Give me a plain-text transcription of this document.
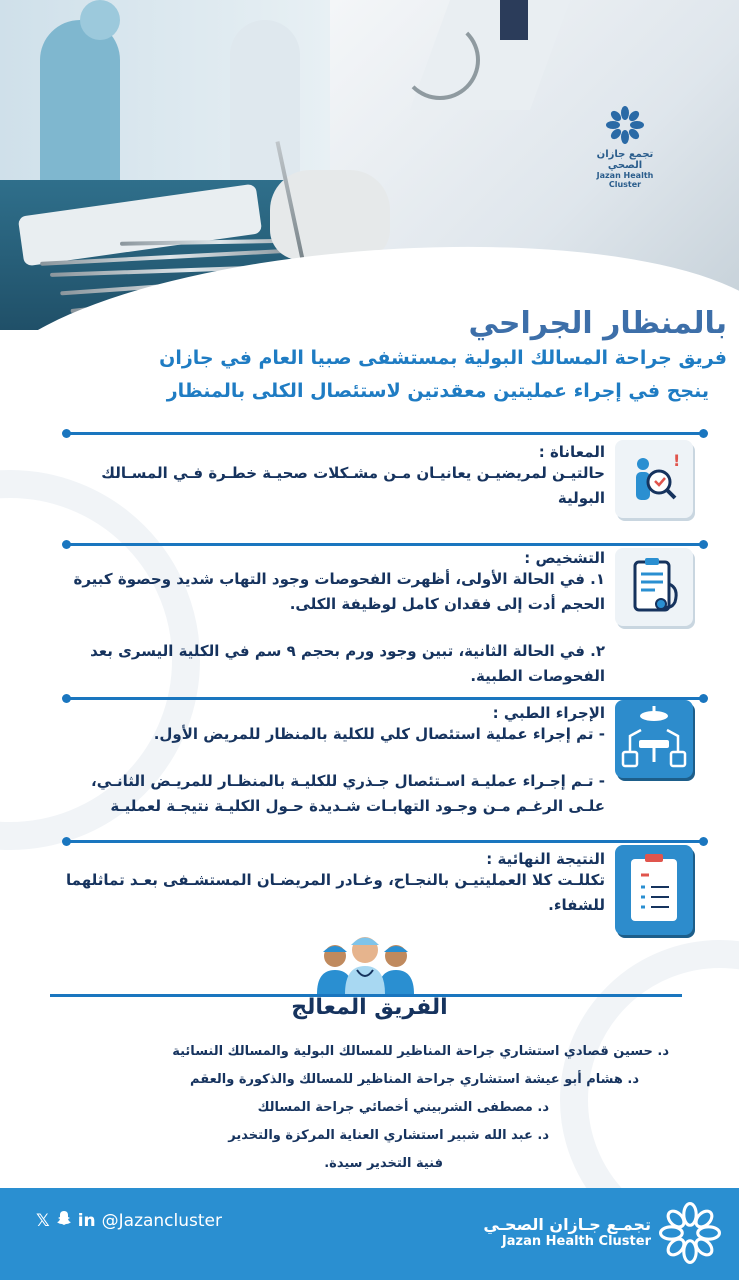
تجمع جازان الصحي
Jazan Health Cluster
بالمنظار الجراحي
فريق جراحة المسالك البولية بمستشفى صبيا العام في جازان
ينجح في إجراء عمليتين معقدتين لاستئصال الكلى بالمنظار
!
المعاناة :
حالتيـن لمريضيـن يعانيـان مـن مشـكلات صحيـة خطـرة فـي المسـالك البولية
التشخيص :
١. في الحالة الأولى، أظهرت الفحوصات وجود التهاب شديد وحصوة كبيرة الحجم أدت إلى فقدان كامل لوظيفة الكلى.
٢. في الحالة الثانية، تبين وجود ورم بحجم ٩ سم في الكلية اليسرى بعد الفحوصات الطبية.
الإجراء الطبي :
- تم إجراء عملية استئصال كلي للكلية بالمنظار للمريض الأول.
- تـم إجـراء عمليـة اسـتئصال جـذري للكليـة بالمنظـار للمريـض الثانـي، علـى الرغـم مـن وجـود التهابـات شـديدة حـول الكليـة نتيجـة لعمليـة
النتيجة النهائية :
تكللـت كلا العمليتيـن بالنجـاح، وغـادر المريضـان المستشـفى بعـد تماثلهما للشفاء.
الفريق المعالج
د. حسين قصادي استشاري جراحة المناظير للمسالك البولية والمسالك النسائية
د. هشام أبو عيشة استشاري جراحة المناظير للمسالك والذكورة والعقم
د. مصطفى الشربيني أخصائي جراحة المسالك
د. عبد الله شبير استشاري العناية المركزة والتخدير
فنية التخدير سيدة.
𝕏 in @Jazancluster	تجمـع جـازان الصحـي
Jazan Health Cluster
